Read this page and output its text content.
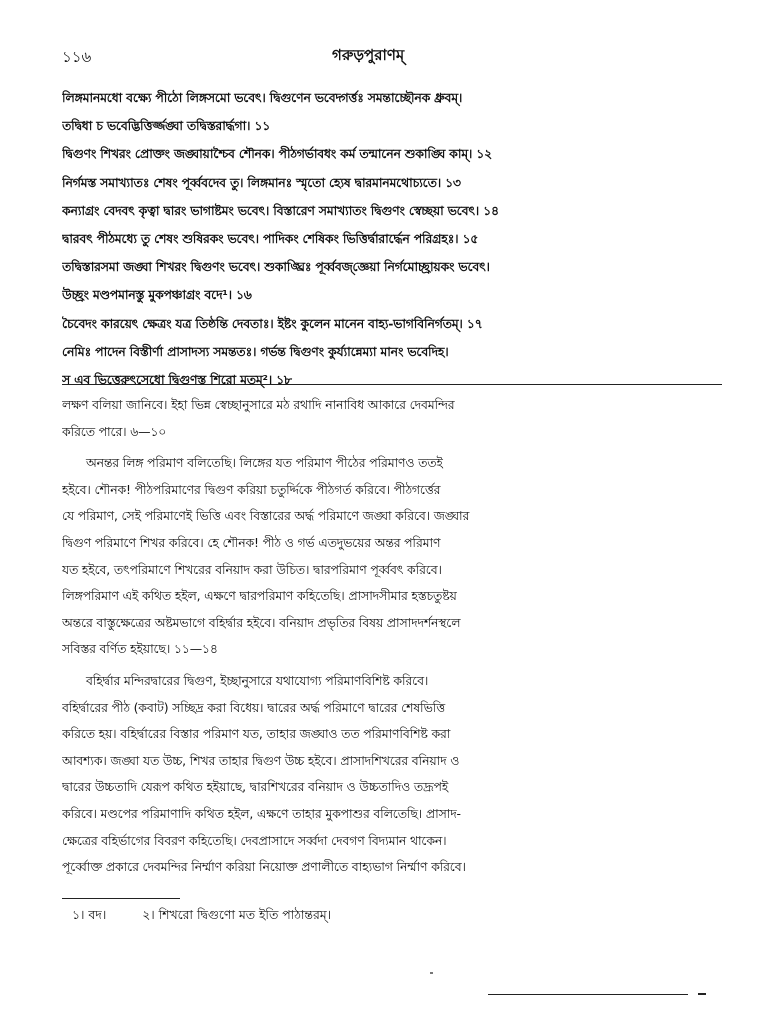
১১৬	গরুড়পুরাণম্
লিঙ্গমানমধো বক্ষ্যে পীঠো লিঙ্গসমো ভবেৎ। দ্বিগুণেন ভবেদ্গর্ত্তঃ সমন্তাচ্ছৌনক ধ্রুবম্।
তদ্বিধা চ ভবেদ্ভিত্তির্জ্জঙ্ঘা তদ্বিস্তরার্দ্ধগা। ১১
দ্বিগুণং শিখরং প্রোক্তং জঙ্ঘায়াশ্চৈব শৌনক। পীঠগর্ভাবধং কর্ম তন্মানেন শুকাঙ্ঘি কাম্। ১২
নির্গমস্ত সমাখ্যাতঃ শেষং পূর্ব্ববদেব তু। লিঙ্গমানঃ স্মৃতো হ্যেষ দ্বারমানমথোচ্যতে। ১৩
কন্যাগ্রং বেদবৎ কৃত্বা দ্বারং ভাগাষ্টমং ভবেৎ। বিস্তারেণ সমাখ্যাতং দ্বিগুণং স্বেচ্ছয়া ভবেৎ। ১৪
দ্বারবৎ পীঠমধ্যে তু শেষং শুষিরকং ভবেৎ। পাদিকং শেষিকং ভিত্তির্দ্বারার্দ্ধেন পরিগ্রহঃ। ১৫
তদ্বিস্তারসমা জঙ্ঘা শিখরং দ্বিগুণং ভবেৎ। শুকাঙ্ঘ্রিঃ পূর্ব্ববজ্‌জ্ঞেয়া নির্গমোচ্ছ্রায়কং ভবেৎ।
উচ্ছ্রং মণ্ডপমানস্তু মুকপঞ্চাগ্রং বদে¹। ১৬
চৈবেদং কারয়েৎ ক্ষেত্রং যত্র তিষ্ঠন্তি দেবতাঃ। ইষ্টং কুলেন মানেন বাহ্য-ভাগবিনির্গতম্। ১৭
নেমিঃ পাদেন বিস্তীর্ণা প্রাসাদস্য সমন্ততঃ। গর্ভন্ত দ্বিগুণং কুর্য্যান্নেম্যা মানং ভবেদিহ।
স এব ভিত্তেরুৎসেধো দ্বিগুণস্ত শিরো মতম্²। ১৮
লক্ষণ বলিয়া জানিবে। ইহা ভিন্ন স্বেচ্ছানুসারে মঠ রথাদি নানাবিধ আকারে দেবমন্দির
করিতে পারে। ৬—১০
অনন্তর লিঙ্গ পরিমাণ বলিতেছি। লিঙ্গের যত পরিমাণ পীঠের পরিমাণও ততই
হইবে। শৌনক! পীঠপরিমাণের দ্বিগুণ করিয়া চতুর্দ্দিকে পীঠগর্ত করিবে। পীঠগর্ত্তের
যে পরিমাণ, সেই পরিমাণেই ভিত্তি এবং বিস্তারের অর্দ্ধ পরিমাণে জঙ্ঘা করিবে। জঙ্ঘার
দ্বিগুণ পরিমাণে শিখর করিবে। হে শৌনক! পীঠ ও গর্ভ এতদুভয়ের অন্তর পরিমাণ
যত হইবে, তৎপরিমাণে শিখরের বনিয়াদ করা উচিত। দ্বারপরিমাণ পূর্ব্ববৎ করিবে।
লিঙ্গপরিমাণ এই কথিত হইল, এক্ষণে দ্বারপরিমাণ কহিতেছি। প্রাসাদসীমার হস্তচতুষ্টয়
অন্তরে বাস্তুক্ষেত্রের অষ্টমভাগে বহির্দ্বার হইবে। বনিয়াদ প্রভৃতির বিষয় প্রাসাদদর্শনস্থলে
সবিস্তর বর্ণিত হইয়াছে। ১১—১৪
বহির্দ্বার মন্দিরদ্বারের দ্বিগুণ, ইচ্ছানুসারে যথাযোগ্য পরিমাণবিশিষ্ট করিবে।
বহির্দ্বারের পীঠ (কবাট) সচ্ছিদ্র করা বিধেয়। দ্বারের অর্দ্ধ পরিমাণে দ্বারের শেষভিত্তি
করিতে হয়। বহির্দ্বারের বিস্তার পরিমাণ যত, তাহার জঙ্ঘাও তত পরিমাণবিশিষ্ট করা
আবশ্যক। জঙ্ঘা যত উচ্চ, শিখর তাহার দ্বিগুণ উচ্চ হইবে। প্রাসাদশিখরের বনিয়াদ ও
দ্বারের উচ্চতাদি যেরূপ কথিত হইয়াছে, দ্বারশিখরের বনিয়াদ ও উচ্চতাদিও তদ্রূপই
করিবে। মণ্ডপের পরিমাণাদি কথিত হইল, এক্ষণে তাহার মুকপাশুর বলিতেছি। প্রাসাদ-
ক্ষেত্রের বহির্ভাগের বিবরণ কহিতেছি। দেবপ্রাসাদে সর্ব্বদা দেবগণ বিদ্যমান থাকেন।
পূর্ব্বোক্ত প্রকারে দেবমন্দির নির্ম্মাণ করিয়া নিয়োক্ত প্রণালীতে বাহ্যভাগ নির্ম্মাণ করিবে।
১। বদ।	২। শিখরো দ্বিগুণো মত ইতি পাঠান্তরম্।
